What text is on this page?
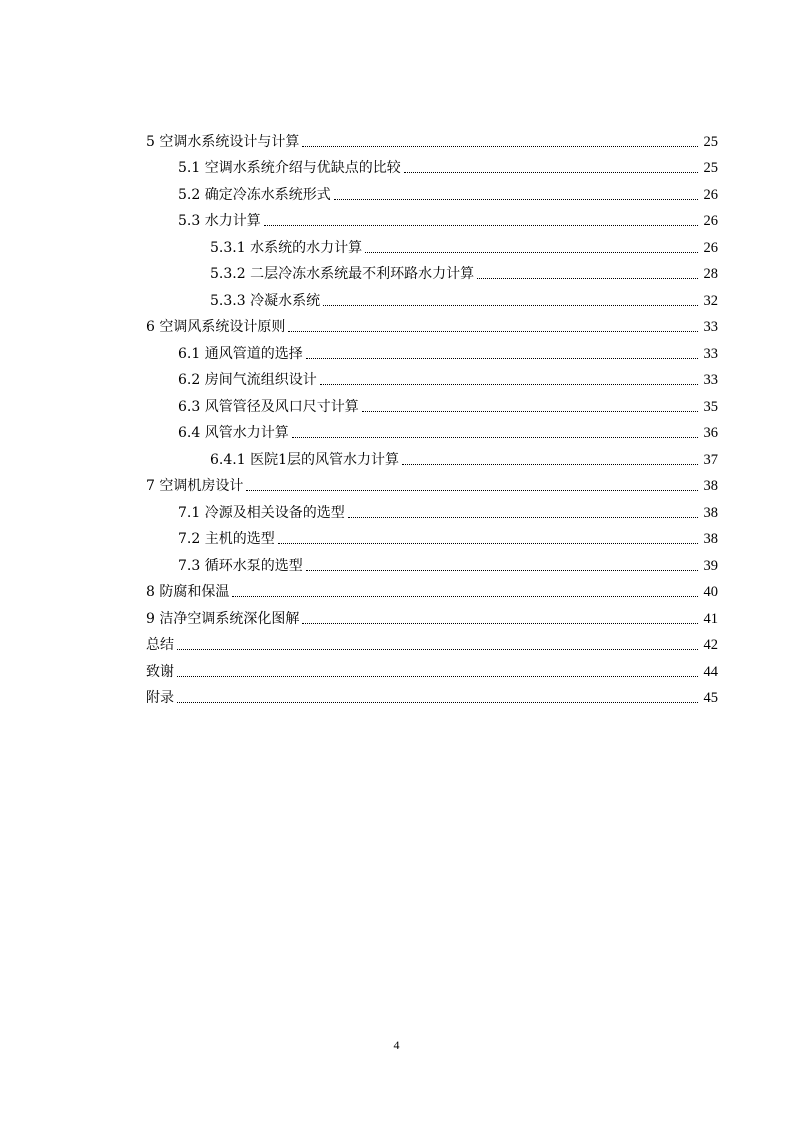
5 空调水系统设计与计算	25
5.1 空调水系统介绍与优缺点的比较	25
5.2 确定冷冻水系统形式	26
5.3 水力计算	26
5.3.1 水系统的水力计算	26
5.3.2 二层冷冻水系统最不利环路水力计算	28
5.3.3 冷凝水系统	32
6 空调风系统设计原则	33
6.1 通风管道的选择	33
6.2 房间气流组织设计	33
6.3 风管管径及风口尺寸计算	35
6.4 风管水力计算	36
6.4.1 医院1层的风管水力计算	37
7 空调机房设计	38
7.1 冷源及相关设备的选型	38
7.2 主机的选型	38
7.3 循环水泵的选型	39
8 防腐和保温	40
9 洁净空调系统深化图解	41
总结	42
致谢	44
附录	45
4
